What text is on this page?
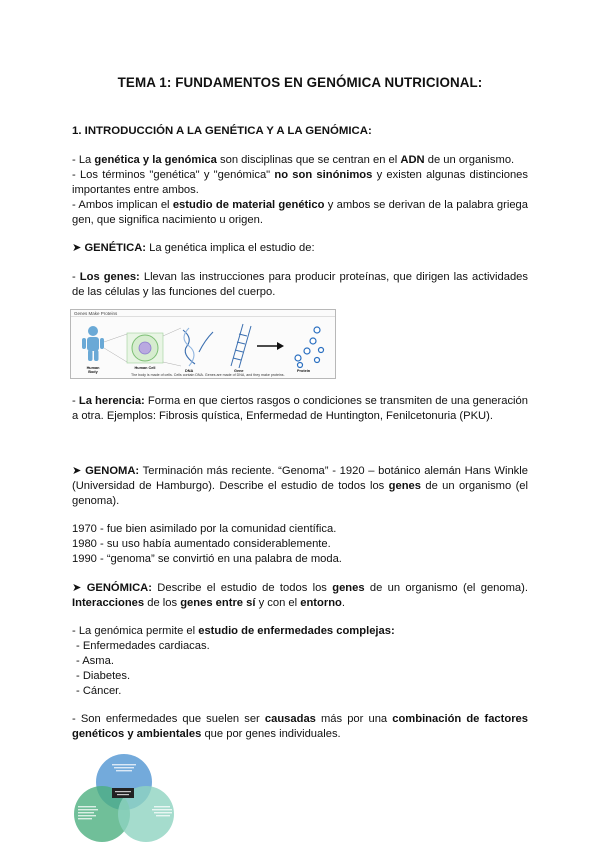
TEMA 1: FUNDAMENTOS EN GENÓMICA NUTRICIONAL:
1. INTRODUCCIÓN A LA GENÉTICA Y A LA GENÓMICA:
- La genética y la genómica son disciplinas que se centran en el ADN de un organismo.
- Los términos "genética" y "genómica" no son sinónimos y existen algunas distinciones
importantes entre ambos.
- Ambos implican el estudio de material genético y ambos se derivan de la palabra griega
gen, que significa nacimiento u origen.
➤ GENÉTICA: La genética implica el estudio de:
- Los genes: Llevan las instrucciones para producir proteínas, que dirigen las actividades
de las células y las funciones del cuerpo.
Genes Make Proteins
Human Body
Human Cell
DNA	Gene	Protein
The body is made of cells. Cells contain DNA. Genes are made of DNA, and they make proteins.
- La herencia: Forma en que ciertos rasgos o condiciones se transmiten de una generación
a otra. Ejemplos: Fibrosis quística, Enfermedad de Huntington, Fenilcetonuria (PKU).
➤ GENOMA: Terminación más reciente. “Genoma” - 1920 – botánico alemán Hans Winkle
(Universidad de Hamburgo). Describe el estudio de todos los genes de un organismo (el
genoma).
1970 - fue bien asimilado por la comunidad científica.
1980 - su uso había aumentado considerablemente.
1990 - “genoma” se convirtió en una palabra de moda.
➤ GENÓMICA: Describe el estudio de todos los genes de un organismo (el genoma).
Interacciones de los genes entre sí y con el entorno.
- La genómica permite el estudio de enfermedades complejas:
- Enfermedades cardiacas.
- Asma.
- Diabetes.
- Cáncer.
- Son enfermedades que suelen ser causadas más por una combinación de factores
genéticos y ambientales que por genes individuales.
